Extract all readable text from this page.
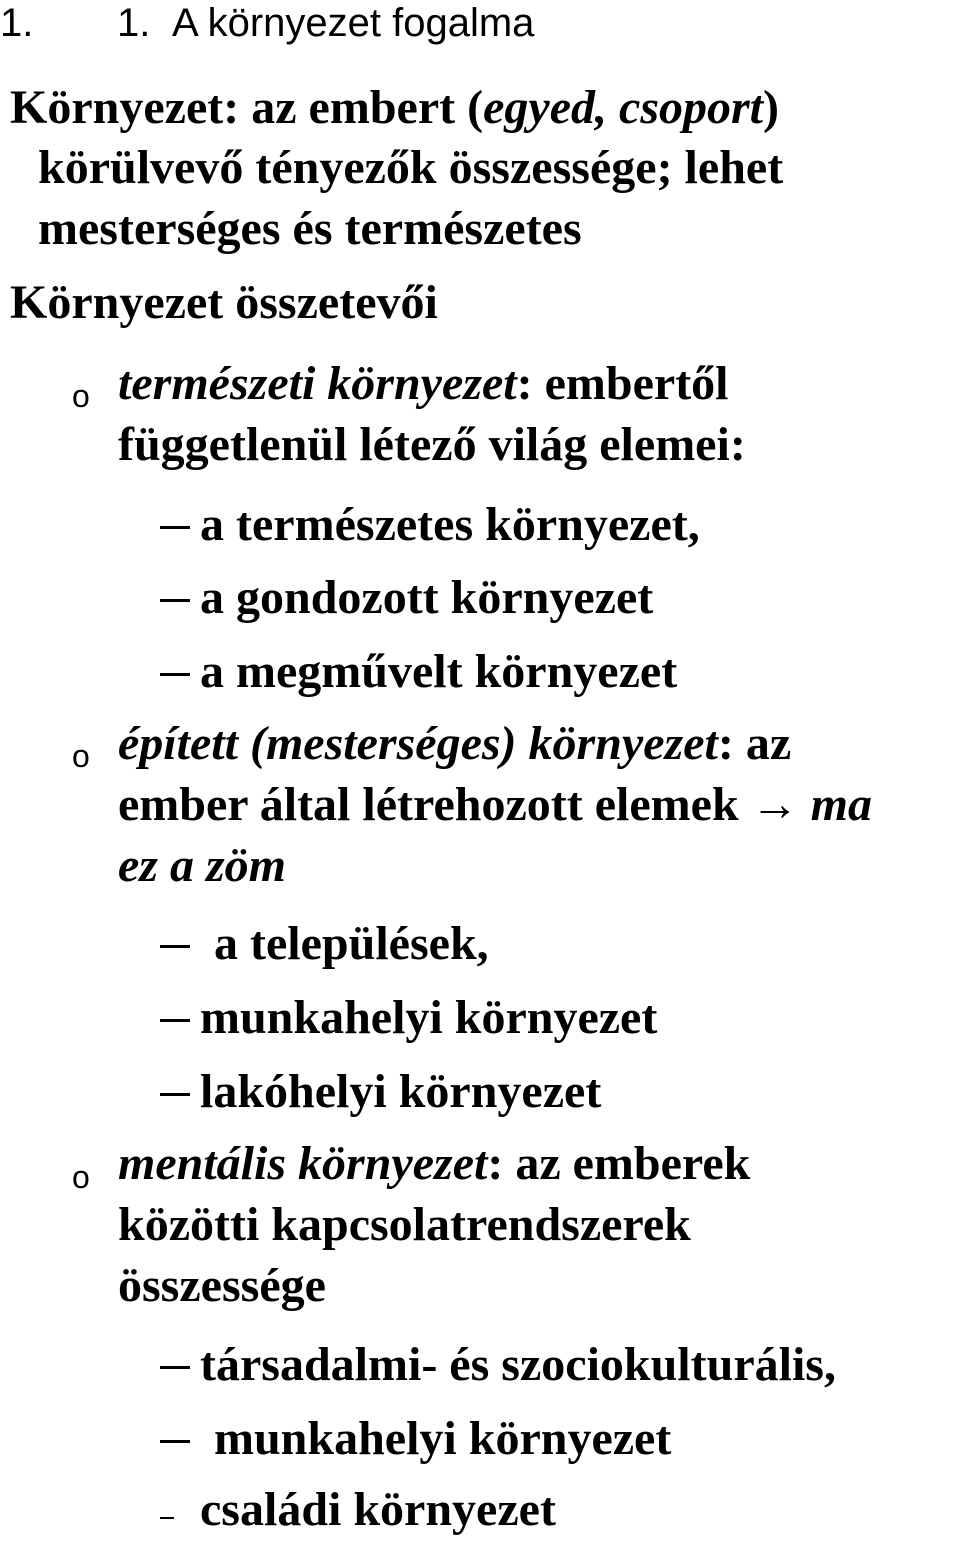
1. 1. A környezet fogalma
Környezet: az embert (egyed, csoport)
körülvevő tényezők összessége; lehet
mesterséges és természetes
Környezet összetevői
o természeti környezet: embertől
függetlenül létező világ elemei:
a természetes környezet,
a gondozott környezet
a megművelt környezet
o épített (mesterséges) környezet: az
ember által létrehozott elemek → ma
ez a zöm
a települések,
munkahelyi környezet
lakóhelyi környezet
o mentális környezet: az emberek
közötti kapcsolatrendszerek
összessége
társadalmi- és szociokulturális,
munkahelyi környezet
családi környezet
